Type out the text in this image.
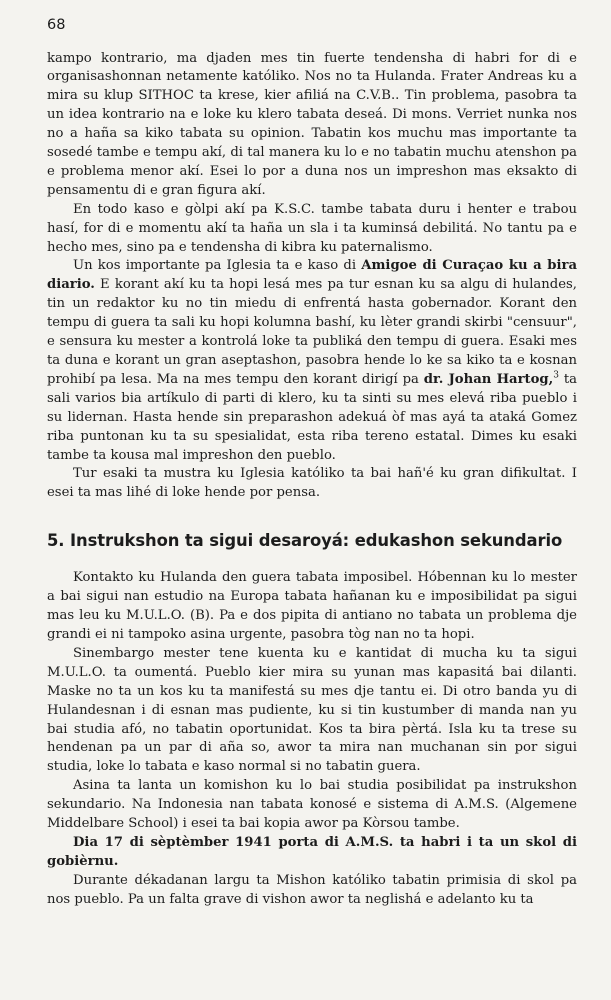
68

kampo kontrario, ma djaden mes tin fuerte tendensha di habri for di e organisashonnan netamente katóliko. Nos no ta Hulanda. Frater Andreas ku a mira su klup SITHOC ta krese, kier afiliá na C.V.B.. Tin problema, pasobra ta un idea kontrario na e loke ku klero tabata deseá. Di mons. Verriet nunka nos no a haña sa kiko tabata su opinion. Tabatin kos muchu mas importante ta sosedé tambe e tempu akí, di tal manera ku lo e no tabatin muchu atenshon pa e problema menor akí. Esei lo por a duna nos un impreshon mas eksakto di pensamentu di e gran figura akí.

En todo kaso e gòlpi akí pa K.S.C. tambe tabata duru i henter e trabou hasí, for di e momentu akí ta haña un sla i ta kuminsá debilitá. No tantu pa e hecho mes, sino pa e tendensha di kibra ku paternalismo.

Un kos importante pa Iglesia ta e kaso di Amigoe di Curaçao ku a bira diario. E korant akí ku ta hopi lesá mes pa tur esnan ku sa algu di hulandes, tin un redaktor ku no tin miedu di enfrentá hasta gobernador. Korant den tempu di guera ta sali ku hopi kolumna bashí, ku lèter grandi skirbi "censuur", e sensura ku mester a kontrolá loke ta publiká den tempu di guera. Esaki mes ta duna e korant un gran aseptashon, pasobra hende lo ke sa kiko ta e kosnan prohibí pa lesa. Ma na mes tempu den korant dirigí pa dr. Johan Hartog,$^3$ ta sali varios bia artíkulo di parti di klero, ku ta sinti su mes elevá riba pueblo i su lidernan. Hasta hende sin preparashon adekuá òf mas ayá ta ataká Gomez riba puntonan ku ta su spesialidat, esta riba tereno estatal. Dimes ku esaki tambe ta kousa mal impreshon den pueblo.

Tur esaki ta mustra ku Iglesia katóliko ta bai hañ'é ku gran difikultat. I esei ta mas lihé di loke hende por pensa.

5. Instrukshon ta sigui desaroyá: edukashon sekundario

Kontakto ku Hulanda den guera tabata imposibel. Hóbennan ku lo mester a bai sigui nan estudio na Europa tabata hañanan ku e imposibilidat pa sigui mas leu ku M.U.L.O. (B). Pa e dos pipita di antiano no tabata un problema dje grandi ei ni tampoko asina urgente, pasobra tòg nan no ta hopi.

Sinembargo mester tene kuenta ku e kantidat di mucha ku ta sigui M.U.L.O. ta oumentá. Pueblo kier mira su yunan mas kapasitá bai dilanti. Maske no ta un kos ku ta manifestá su mes dje tantu ei. Di otro banda yu di Hulandesnan i di esnan mas pudiente, ku si tin kustumber di manda nan yu bai studia afó, no tabatin oportunidat. Kos ta bira pèrtá. Isla ku ta trese su hendenan pa un par di aña so, awor ta mira nan muchanan sin por sigui studia, loke lo tabata e kaso normal si no tabatin guera.

Asina ta lanta un komishon ku lo bai studia posibilidat pa instrukshon sekundario. Na Indonesia nan tabata konosé e sistema di A.M.S. (Algemene Middelbare School) i esei ta bai kopia awor pa Kòrsou tambe.

Dia 17 di sèptèmber 1941 porta di A.M.S. ta habri i ta un skol di gobièrnu.

Durante dékadanan largu ta Mishon katóliko tabatin primisia di skol pa nos pueblo. Pa un falta grave di vishon awor ta neglishá e adelanto ku ta
